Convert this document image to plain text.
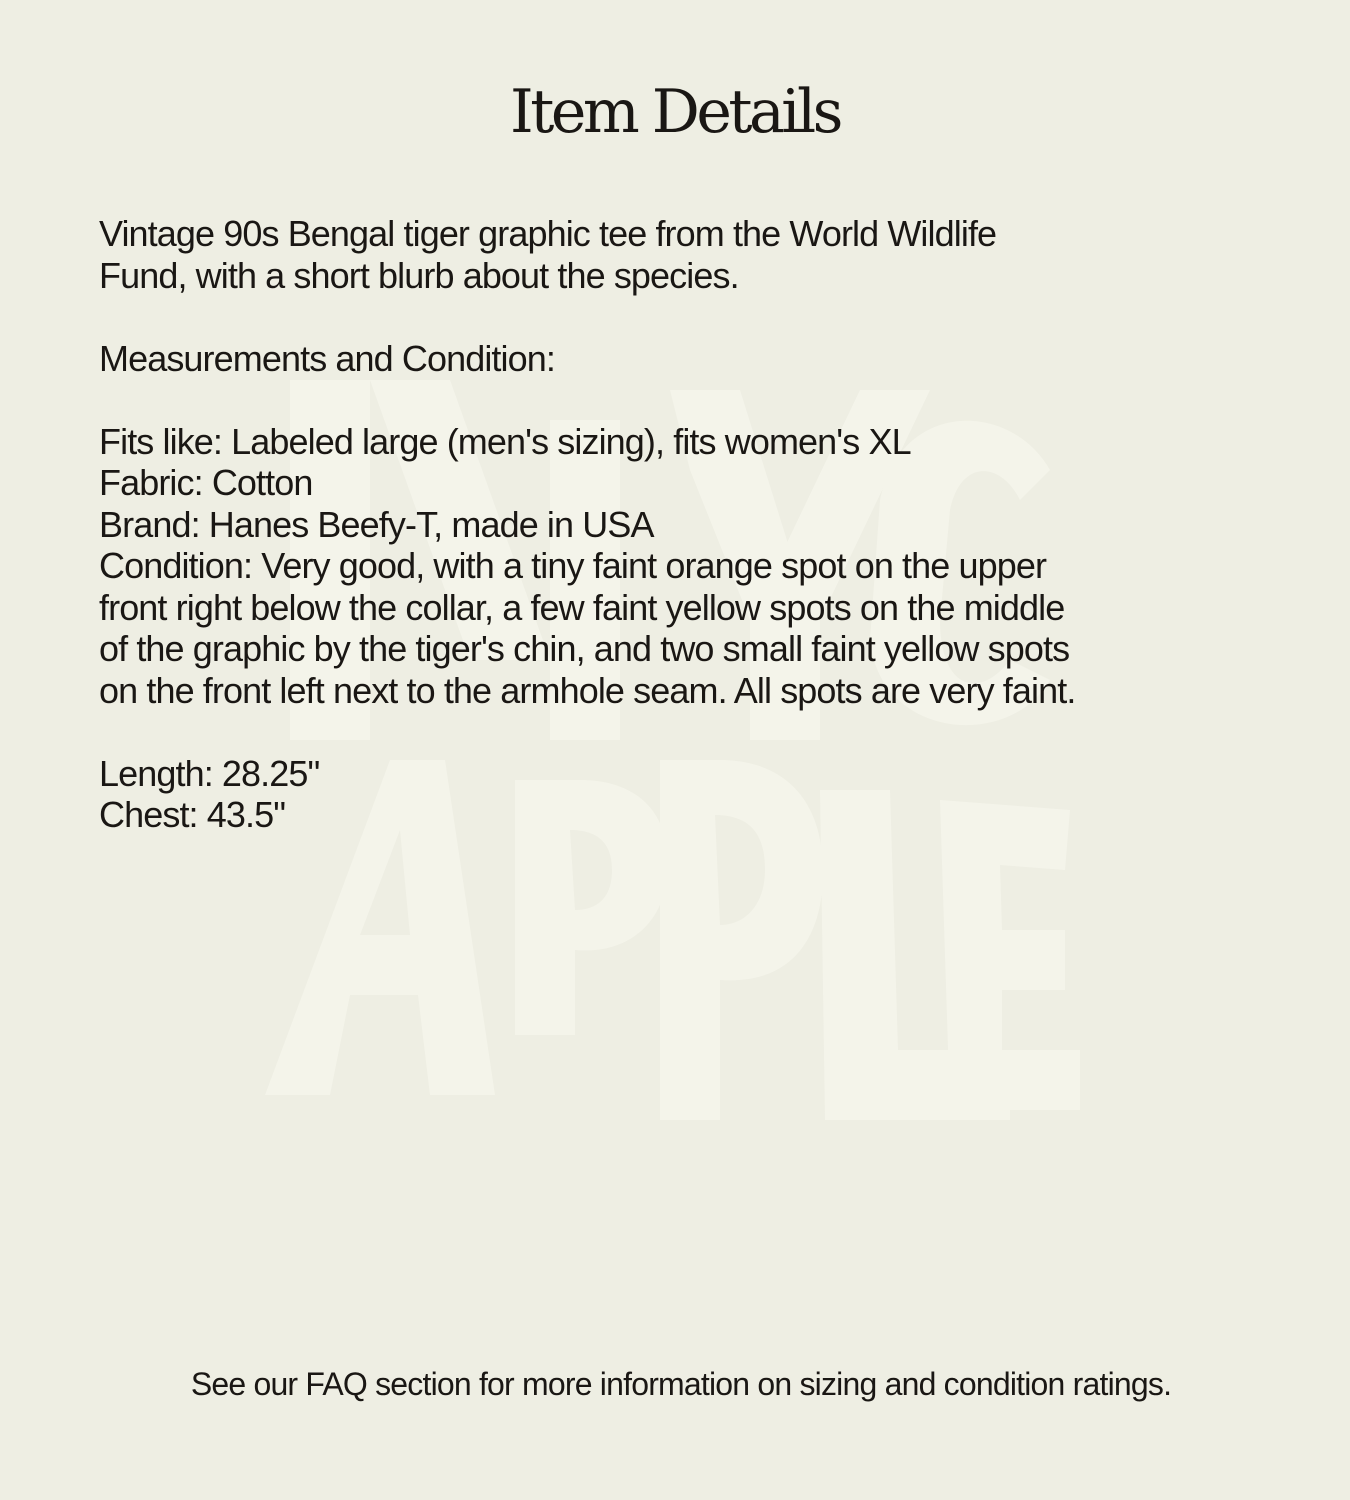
Item Details
Vintage 90s Bengal tiger graphic tee from the World Wildlife
Fund, with a short blurb about the species.
Measurements and Condition:
Fits like: Labeled large (men's sizing), fits women's XL
Fabric: Cotton
Brand: Hanes Beefy-T, made in USA
Condition: Very good, with a tiny faint orange spot on the upper
front right below the collar, a few faint yellow spots on the middle
of the graphic by the tiger's chin, and two small faint yellow spots
on the front left next to the armhole seam. All spots are very faint.
Length: 28.25"
Chest: 43.5"
See our FAQ section for more information on sizing and condition ratings.
